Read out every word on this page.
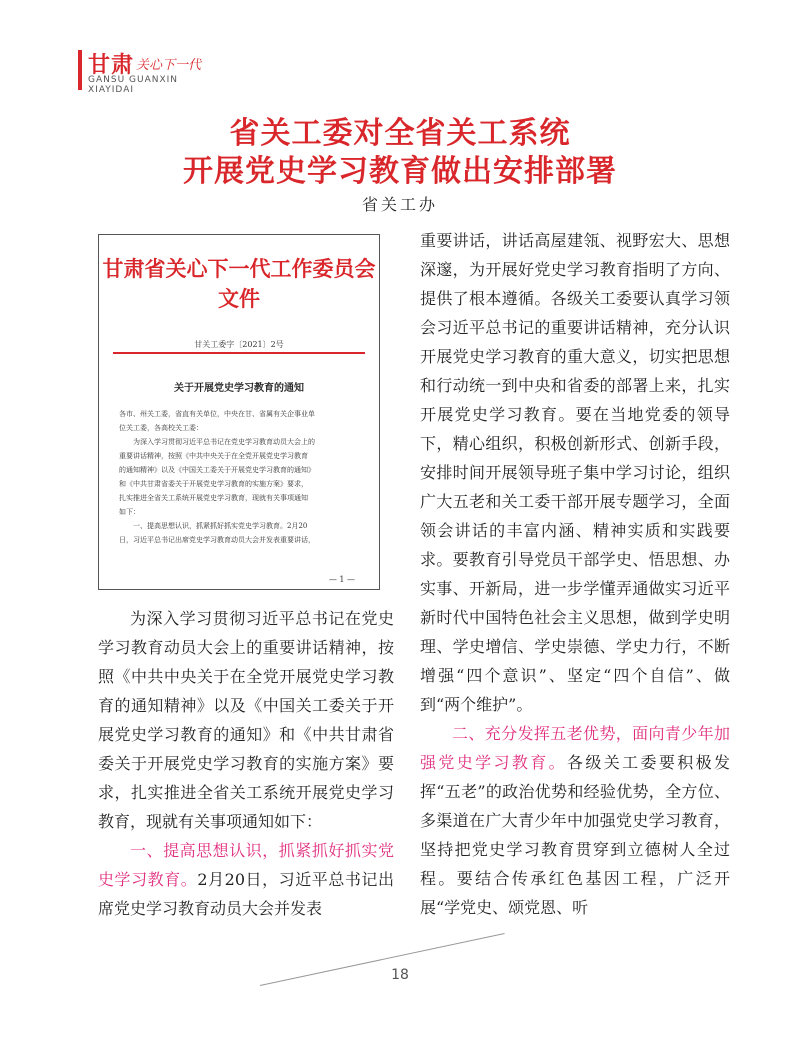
甘肃 关心下一代
GANSU GUANXIN
XIAYIDAI
省关工委对全省关工系统
开展党史学习教育做出安排部署
省关工办
甘肃省关心下一代工作委员会文件
甘关工委字〔2021〕2号
关于开展党史学习教育的通知

各市、州关工委，省直有关单位，中央在甘、省属有关企事业单

位关工委，各高校关工委：

　　为深入学习贯彻习近平总书记在党史学习教育动员大会上的

重要讲话精神，按照《中共中央关于在全党开展党史学习教育

的通知精神》以及《中国关工委关于开展党史学习教育的通知》

和《中共甘肃省委关于开展党史学习教育的实施方案》要求，

扎实推进全省关工系统开展党史学习教育，现就有关事项通知

如下：

　　一、提高思想认识，抓紧抓好抓实党史学习教育。2月20

日，习近平总书记出席党史学习教育动员大会并发表重要讲话，

— 1 —

为深入学习贯彻习近平总书记在党史学习教育动员大会上的重要讲话精神，按照《中共中央关于在全党开展党史学习教育的通知精神》以及《中国关工委关于开展党史学习教育的通知》和《中共甘肃省委关于开展党史学习教育的实施方案》要求，扎实推进全省关工系统开展党史学习教育，现就有关事项通知如下：

一、提高思想认识，抓紧抓好抓实党史学习教育。2月20日，习近平总书记出席党史学习教育动员大会并发表

重要讲话，讲话高屋建瓴、视野宏大、思想深邃，为开展好党史学习教育指明了方向、提供了根本遵循。各级关工委要认真学习领会习近平总书记的重要讲话精神，充分认识开展党史学习教育的重大意义，切实把思想和行动统一到中央和省委的部署上来，扎实开展党史学习教育。要在当地党委的领导下，精心组织，积极创新形式、创新手段，安排时间开展领导班子集中学习讨论，组织广大五老和关工委干部开展专题学习，全面领会讲话的丰富内涵、精神实质和实践要求。要教育引导党员干部学史、悟思想、办实事、开新局，进一步学懂弄通做实习近平新时代中国特色社会主义思想，做到学史明理、学史增信、学史崇德、学史力行，不断增强“四个意识”、坚定“四个自信”、做到“两个维护”。

二、充分发挥五老优势，面向青少年加强党史学习教育。各级关工委要积极发挥“五老”的政治优势和经验优势，全方位、多渠道在广大青少年中加强党史学习教育，坚持把党史学习教育贯穿到立德树人全过程。要结合传承红色基因工程，广泛开展“学党史、颂党恩、听

18
